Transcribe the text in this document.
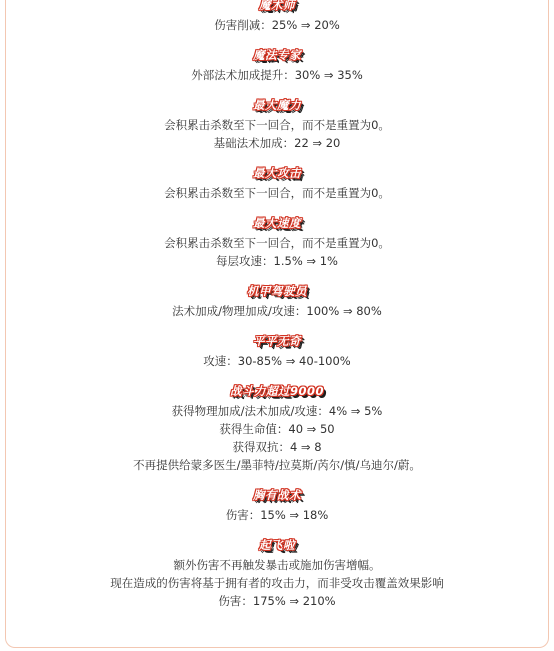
魔术师
伤害削减：25% ⇒ 20%
魔法专家
外部法术加成提升：30% ⇒ 35%
最大魔力
会积累击杀数至下一回合，而不是重置为0。
基础法术加成：22 ⇒ 20
最大攻击
会积累击杀数至下一回合，而不是重置为0。
最大速度
会积累击杀数至下一回合，而不是重置为0。
每层攻速：1.5% ⇒ 1%
机甲驾驶员
法术加成/物理加成/攻速：100% ⇒ 80%
平平无奇
攻速：30-85% ⇒ 40-100%
战斗力超过9000
获得物理加成/法术加成/攻速：4% ⇒ 5%
获得生命值：40 ⇒ 50
获得双抗：4 ⇒ 8
不再提供给蒙多医生/墨菲特/拉莫斯/芮尔/慎/乌迪尔/蔚。
胸有战术
伤害：15% ⇒ 18%
起飞啦
额外伤害不再触发暴击或施加伤害增幅。
现在造成的伤害将基于拥有者的攻击力，而非受攻击覆盖效果影响
伤害：175% ⇒ 210%
